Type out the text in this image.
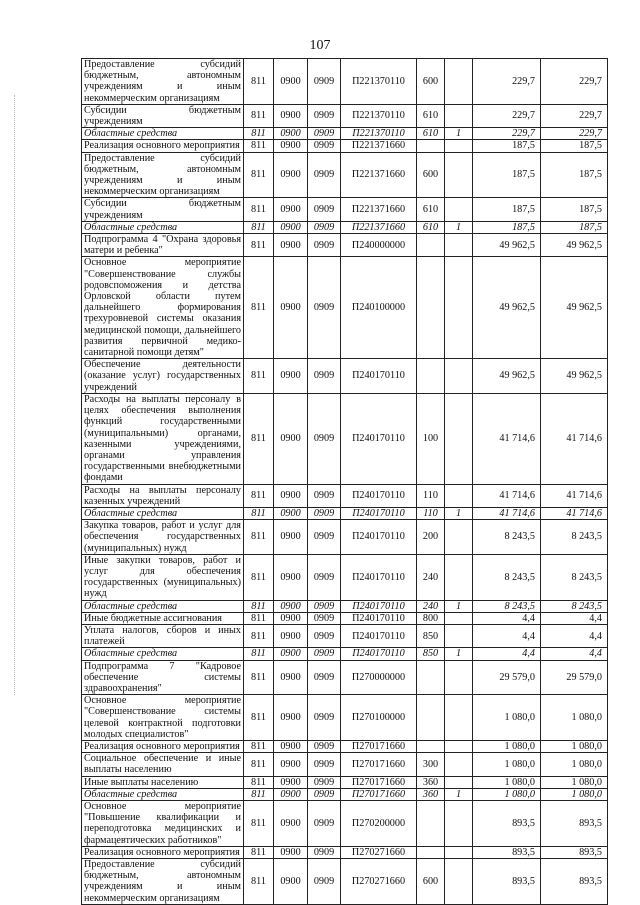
107
Предоставление субсидий бюджетным, автономным учреждениям и иным некоммерческим организациям	811	0900	0909	П221370110	600		229,7	229,7
Субсидии бюджетным учреждениям	811	0900	0909	П221370110	610		229,7	229,7
Областные средства	811	0900	0909	П221370110	610	1	229,7	229,7
Реализация основного мероприятия	811	0900	0909	П221371660			187,5	187,5
Предоставление субсидий бюджетным, автономным учреждениям и иным некоммерческим организациям	811	0900	0909	П221371660	600		187,5	187,5
Субсидии бюджетным учреждениям	811	0900	0909	П221371660	610		187,5	187,5
Областные средства	811	0900	0909	П221371660	610	1	187,5	187,5
Подпрограмма 4 "Охрана здоровья матери и ребенка"	811	0900	0909	П240000000			49 962,5	49 962,5
Основное мероприятие "Совершенствование службы родовспоможения и детства Орловской области путем дальнейшего формирования трехуровневой системы оказания медицинской помощи, дальнейшего развития первичной медико-санитарной помощи детям"	811	0900	0909	П240100000			49 962,5	49 962,5
Обеспечение деятельности (оказание услуг) государственных учреждений	811	0900	0909	П240170110			49 962,5	49 962,5
Расходы на выплаты персоналу в целях обеспечения выполнения функций государственными (муниципальными) органами, казенными учреждениями, органами управления государственными внебюджетными фондами	811	0900	0909	П240170110	100		41 714,6	41 714,6
Расходы на выплаты персоналу казенных учреждений	811	0900	0909	П240170110	110		41 714,6	41 714,6
Областные средства	811	0900	0909	П240170110	110	1	41 714,6	41 714,6
Закупка товаров, работ и услуг для обеспечения государственных (муниципальных) нужд	811	0900	0909	П240170110	200		8 243,5	8 243,5
Иные закупки товаров, работ и услуг для обеспечения государственных (муниципальных) нужд	811	0900	0909	П240170110	240		8 243,5	8 243,5
Областные средства	811	0900	0909	П240170110	240	1	8 243,5	8 243,5
Иные бюджетные ассигнования	811	0900	0909	П240170110	800		4,4	4,4
Уплата налогов, сборов и иных платежей	811	0900	0909	П240170110	850		4,4	4,4
Областные средства	811	0900	0909	П240170110	850	1	4,4	4,4
Подпрограмма 7 "Кадровое обеспечение системы здравоохранения"	811	0900	0909	П270000000			29 579,0	29 579,0
Основное мероприятие "Совершенствование системы целевой контрактной подготовки молодых специалистов"	811	0900	0909	П270100000			1 080,0	1 080,0
Реализация основного мероприятия	811	0900	0909	П270171660			1 080,0	1 080,0
Социальное обеспечение и иные выплаты населению	811	0900	0909	П270171660	300		1 080,0	1 080,0
Иные выплаты населению	811	0900	0909	П270171660	360		1 080,0	1 080,0
Областные средства	811	0900	0909	П270171660	360	1	1 080,0	1 080,0
Основное мероприятие "Повышение квалификации и переподготовка медицинских и фармацевтических работников"	811	0900	0909	П270200000			893,5	893,5
Реализация основного мероприятия	811	0900	0909	П270271660			893,5	893,5
Предоставление субсидий бюджетным, автономным учреждениям и иным некоммерческим организациям	811	0900	0909	П270271660	600		893,5	893,5
